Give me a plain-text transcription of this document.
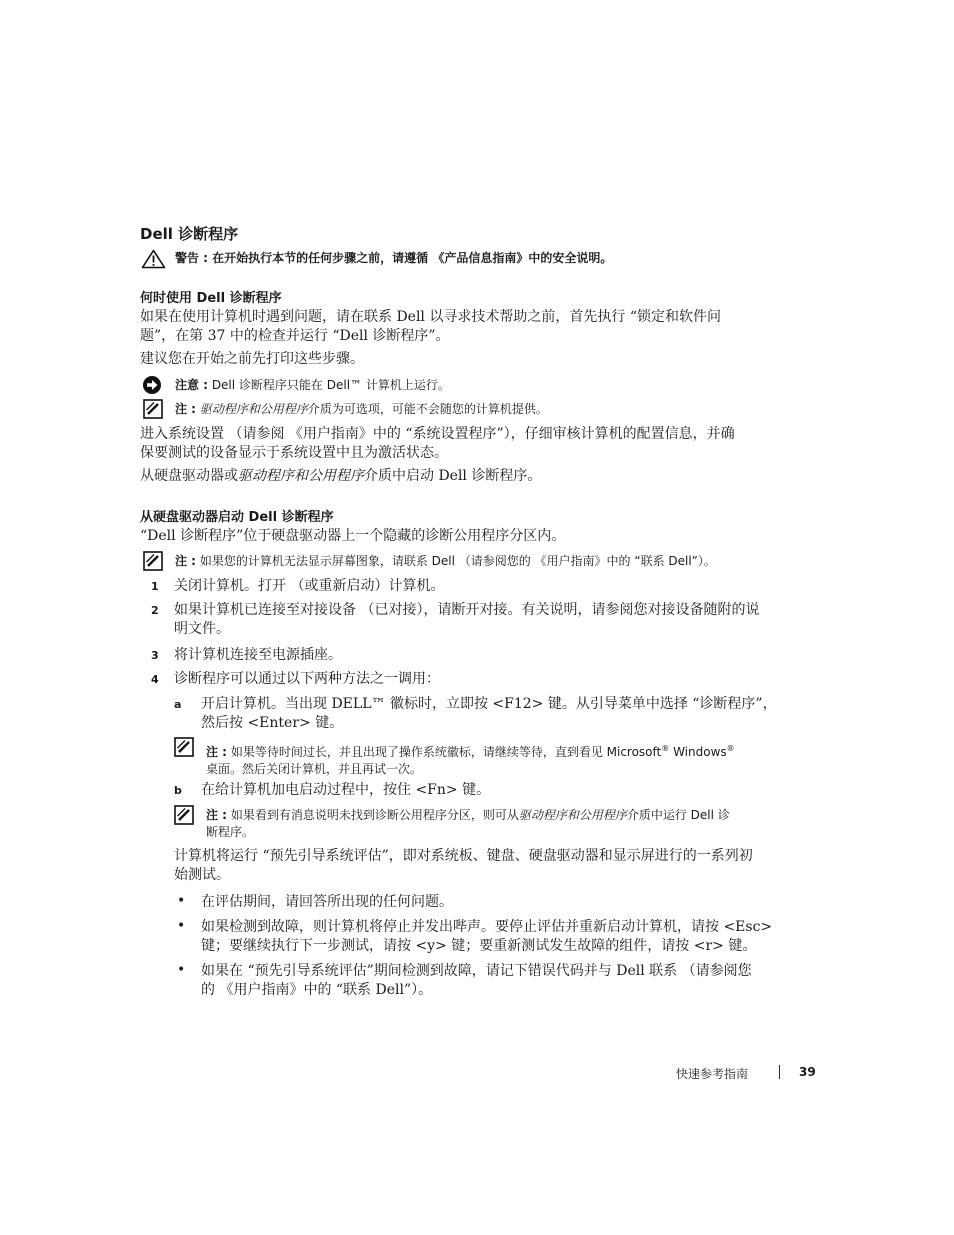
Dell 诊断程序
警告 : 在开始执行本节的任何步骤之前，请遵循 《产品信息指南》中的安全说明。
何时使用 Dell 诊断程序
如果在使用计算机时遇到问题，请在联系 Dell 以寻求技术帮助之前，首先执行 “锁定和软件问
题”，在第 37 中的检查并运行 “Dell 诊断程序”。
建议您在开始之前先打印这些步骤。
注意 : Dell 诊断程序只能在 Dell™ 计算机上运行。
注 : 驱动程序和公用程序介质为可选项，可能不会随您的计算机提供。
进入系统设置 （请参阅 《用户指南》中的 “系统设置程序”），仔细审核计算机的配置信息，并确
保要测试的设备显示于系统设置中且为激活状态。
从硬盘驱动器或驱动程序和公用程序介质中启动 Dell 诊断程序。
从硬盘驱动器启动 Dell 诊断程序
“Dell 诊断程序”位于硬盘驱动器上一个隐藏的诊断公用程序分区内。
注 : 如果您的计算机无法显示屏幕图象，请联系 Dell （请参阅您的 《用户指南》中的 “联系 Dell”）。
1 关闭计算机。打开 （或重新启动）计算机。
2 如果计算机已连接至对接设备 （已对接），请断开对接。有关说明，请参阅您对接设备随附的说
明文件。
3 将计算机连接至电源插座。
4 诊断程序可以通过以下两种方法之一调用：
a 开启计算机。当出现 DELL™ 徽标时，立即按 <F12> 键。从引导菜单中选择 “诊断程序”，
然后按 <Enter> 键。
注 : 如果等待时间过长，并且出现了操作系统徽标，请继续等待，直到看见 Microsoft® Windows®
桌面。然后关闭计算机，并且再试一次。
b 在给计算机加电启动过程中，按住 <Fn> 键。
注 : 如果看到有消息说明未找到诊断公用程序分区，则可从驱动程序和公用程序介质中运行 Dell 诊
断程序。
计算机将运行 “预先引导系统评估”，即对系统板、键盘、硬盘驱动器和显示屏进行的一系列初
始测试。
• 在评估期间，请回答所出现的任何问题。
• 如果检测到故障，则计算机将停止并发出哔声。要停止评估并重新启动计算机，请按 <Esc>
键；要继续执行下一步测试，请按 <y> 键；要重新测试发生故障的组件，请按 <r> 键。
• 如果在 “预先引导系统评估”期间检测到故障，请记下错误代码并与 Dell 联系 （请参阅您
的 《用户指南》中的 “联系 Dell”）。
快速参考指南	39
